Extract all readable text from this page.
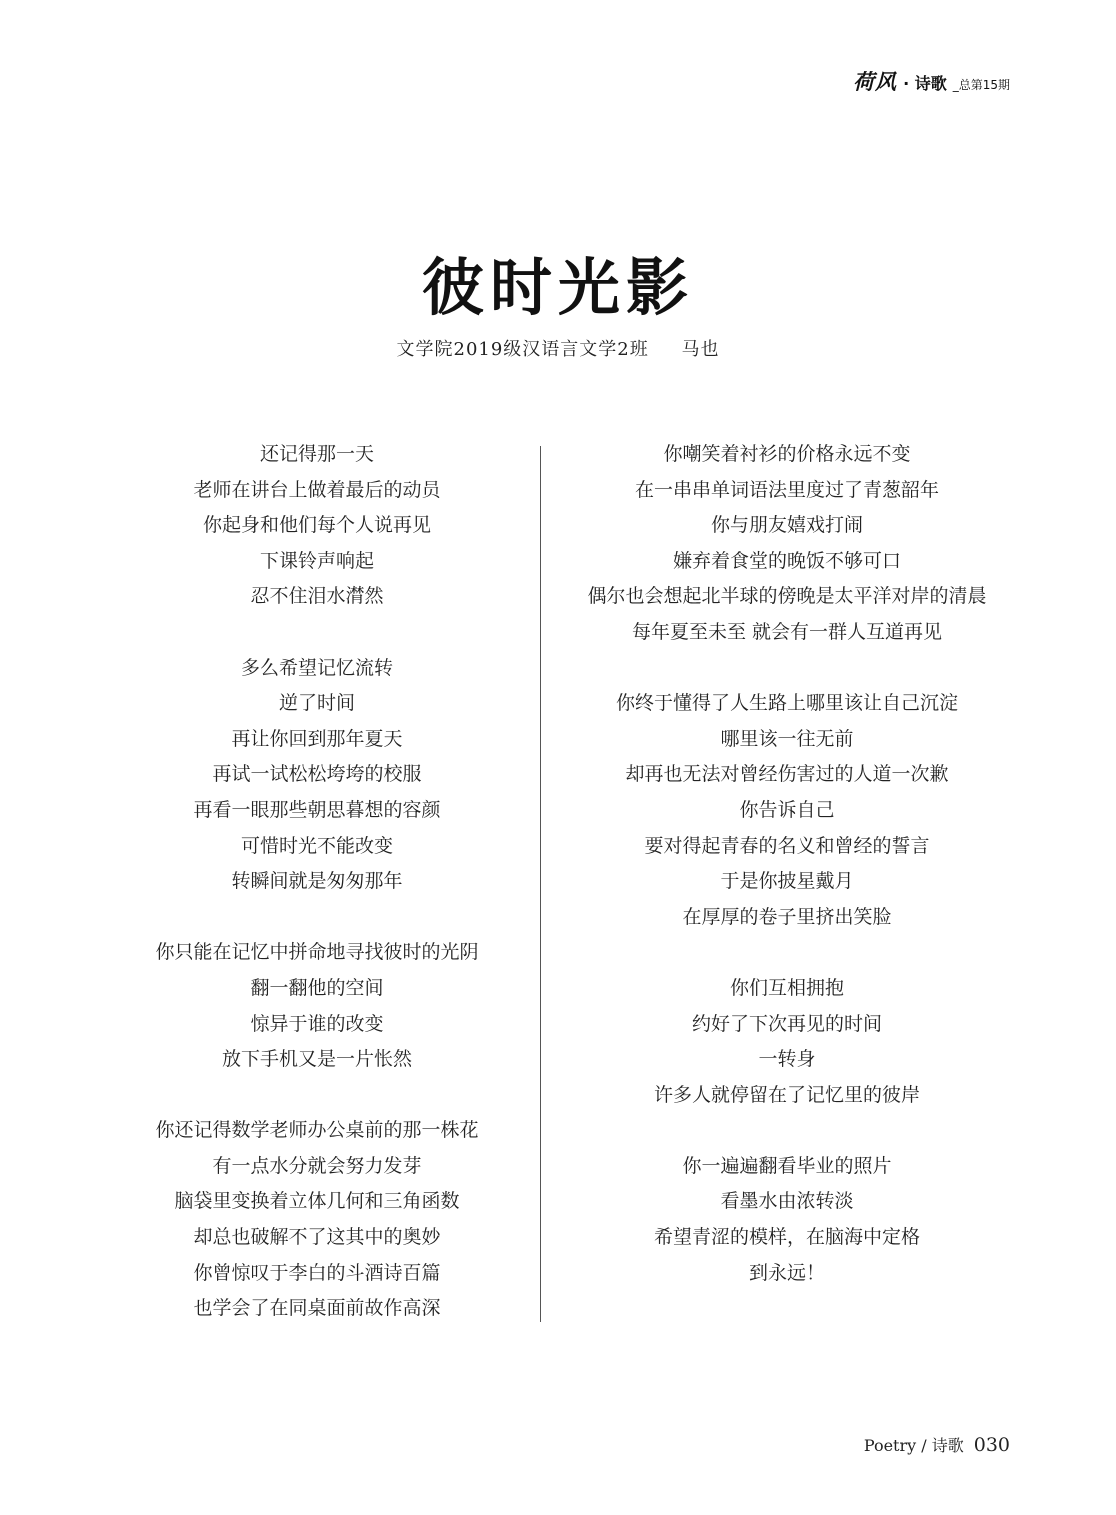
荷风 · 诗歌 _总第15期
彼时光影
文学院2019级汉语言文学2班 马也
还记得那一天
老师在讲台上做着最后的动员
你起身和他们每个人说再见
下课铃声响起
忍不住泪水潸然
多么希望记忆流转
逆了时间
再让你回到那年夏天
再试一试松松垮垮的校服
再看一眼那些朝思暮想的容颜
可惜时光不能改变
转瞬间就是匆匆那年
你只能在记忆中拼命地寻找彼时的光阴
翻一翻他的空间
惊异于谁的改变
放下手机又是一片怅然
你还记得数学老师办公桌前的那一株花
有一点水分就会努力发芽
脑袋里变换着立体几何和三角函数
却总也破解不了这其中的奥妙
你曾惊叹于李白的斗酒诗百篇
也学会了在同桌面前故作高深
你嘲笑着衬衫的价格永远不变
在一串串单词语法里度过了青葱韶年
你与朋友嬉戏打闹
嫌弃着食堂的晚饭不够可口
偶尔也会想起北半球的傍晚是太平洋对岸的清晨
每年夏至未至 就会有一群人互道再见
你终于懂得了人生路上哪里该让自己沉淀
哪里该一往无前
却再也无法对曾经伤害过的人道一次歉
你告诉自己
要对得起青春的名义和曾经的誓言
于是你披星戴月
在厚厚的卷子里挤出笑脸
你们互相拥抱
约好了下次再见的时间
一转身
许多人就停留在了记忆里的彼岸
你一遍遍翻看毕业的照片
看墨水由浓转淡
希望青涩的模样，在脑海中定格
到永远！
Poetry / 诗歌 030
